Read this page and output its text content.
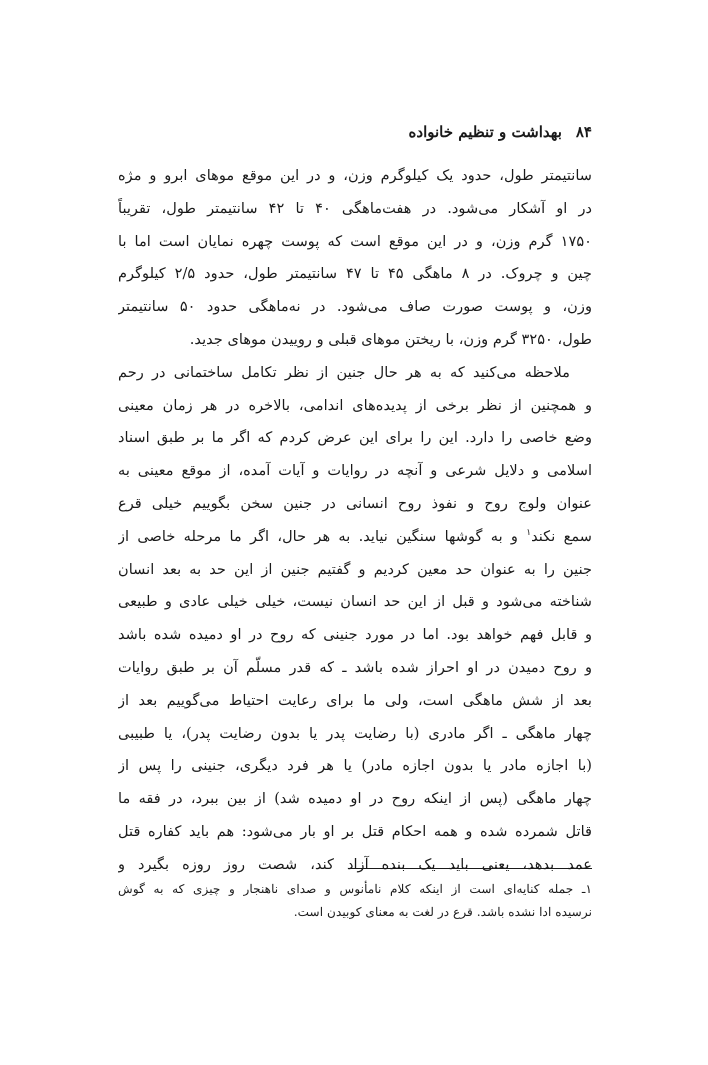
۸۴
بهداشت و تنظیم خانواده
سانتیمتر طول، حدود یک کیلوگرم وزن، و در این موقع موهای ابرو و مژه
در او آشکار می‌شود. در هفت‌ماهگی ۴۰ تا ۴۲ سانتیمتر طول، تقریباً
۱۷۵۰ گرم وزن، و در این موقع است که پوست چهره نمایان است اما با
چین و چروک. در ۸ ماهگی ۴۵ تا ۴۷ سانتیمتر طول، حدود ۲/۵ کیلوگرم
وزن، و پوست صورت صاف می‌شود. در نه‌ماهگی حدود ۵۰ سانتیمتر
طول، ۳۲۵۰ گرم وزن، با ریختن موهای قبلی و روییدن موهای جدید.
ملاحظه می‌کنید که به هر حال جنین از نظر تکامل ساختمانی در رحم
و همچنین از نظر برخی از پدیده‌های اندامی، بالاخره در هر زمان معینی
وضع خاصی را دارد. این را برای این عرض کردم که اگر ما بر طبق اسناد
اسلامی و دلایل شرعی و آنچه در روایات و آیات آمده، از موقع معینی به
عنوان ولوج روح و نفوذ روح انسانی در جنین سخن بگوییم خیلی قرع
سمع نکند$^۱$ و به گوشها سنگین نیاید. به هر حال، اگر ما مرحله خاصی از
جنین را به عنوان حد معین کردیم و گفتیم جنین از این حد به بعد انسان
شناخته می‌شود و قبل از این حد انسان نیست، خیلی خیلی عادی و طبیعی
و قابل فهم خواهد بود. اما در مورد جنینی که روح در او دمیده شده باشد
و روح دمیدن در او احراز شده باشد ـ که قدر مسلّم آن بر طبق روایات
بعد از شش ماهگی است، ولی ما برای رعایت احتیاط می‌گوییم بعد از
چهار ماهگی ـ اگر مادری (با رضایت پدر یا بدون رضایت پدر)، یا طبیبی
(با اجازه مادر یا بدون اجازه مادر) یا هر فرد دیگری، جنینی را پس از
چهار ماهگی (پس از اینکه روح در او دمیده شد) از بین ببرد، در فقه ما
قاتل شمرده شده و همه احکام قتل بر او بار می‌شود: هم باید کفاره قتل
عمد بدهد، یعنی باید یک بنده آزاد کند، شصت روز روزه بگیرد و
۱ـ جمله کنایه‌ای است از اینکه کلام نامأنوس و صدای ناهنجار و چیزی که به گوش
نرسیده ادا نشده باشد. قرع در لغت به معنای کوبیدن است.
